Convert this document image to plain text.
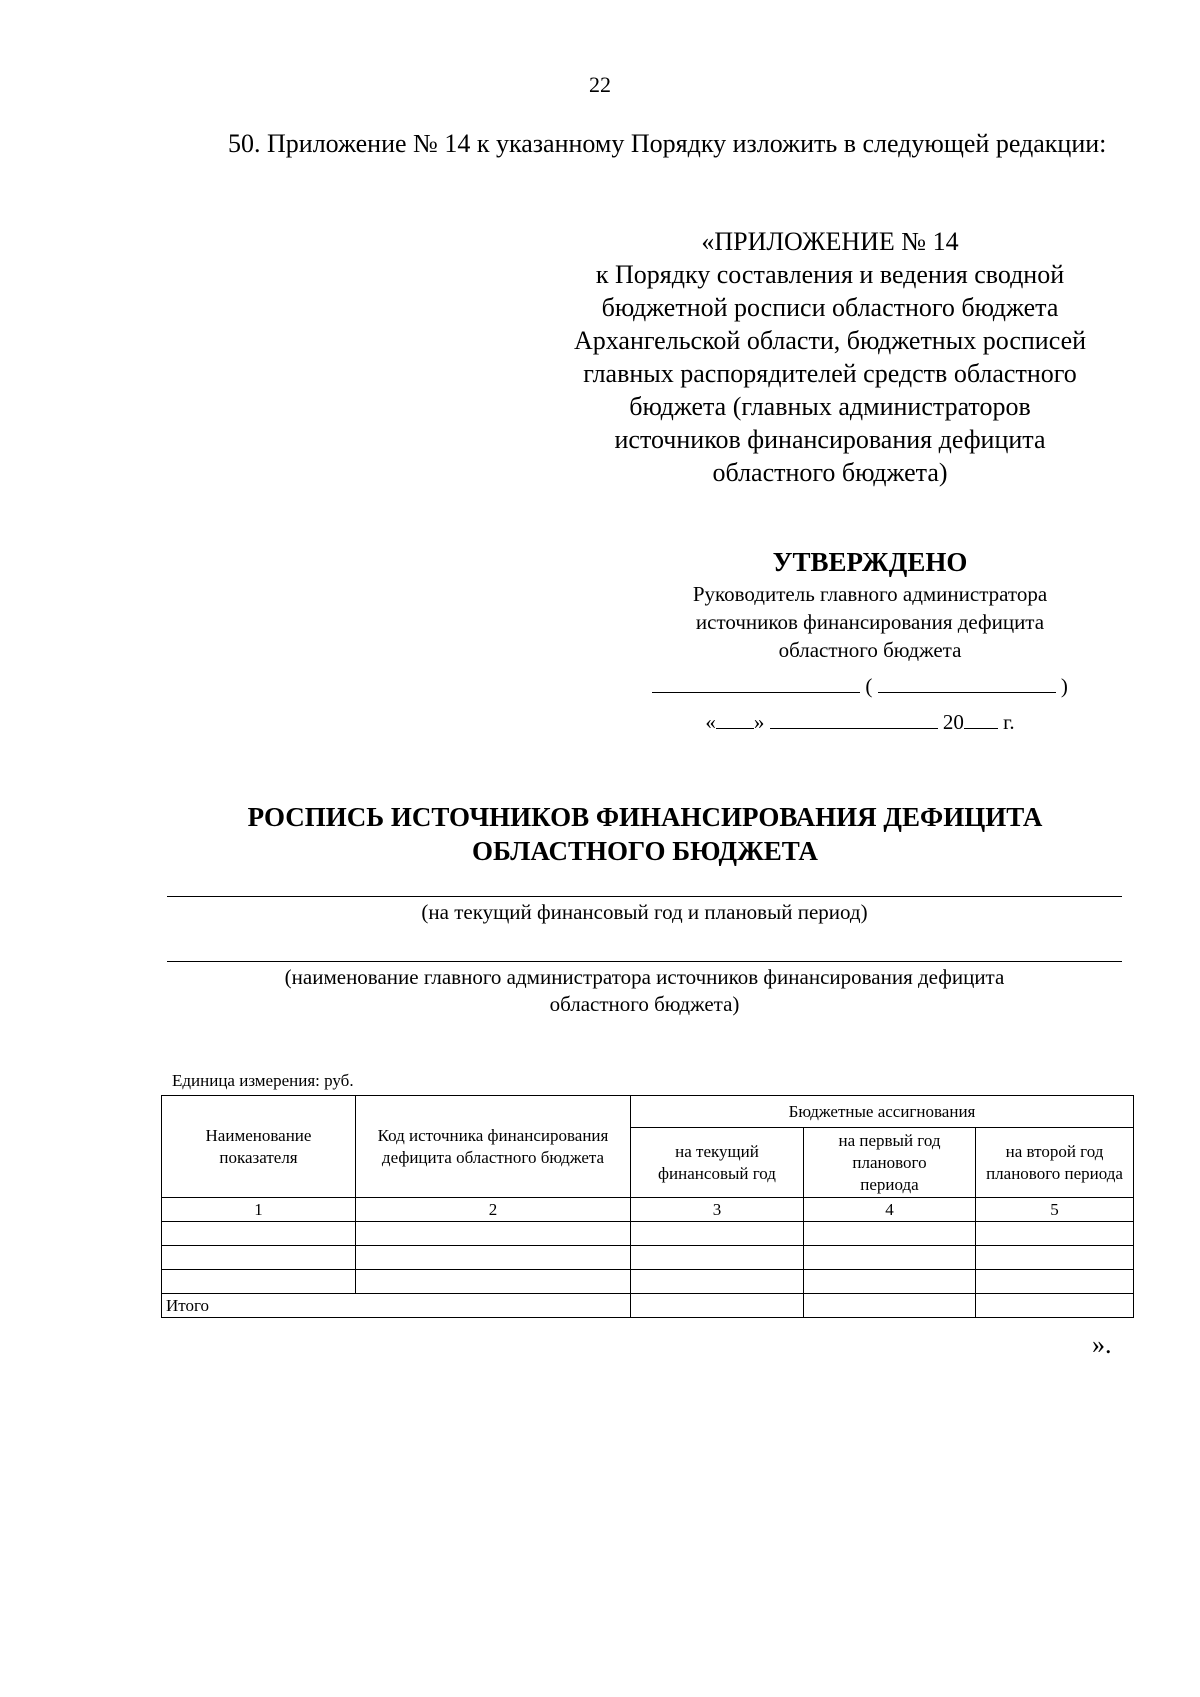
22
50. Приложение № 14 к указанному Порядку изложить в следующей редакции:
«ПРИЛОЖЕНИЕ № 14
к Порядку составления и ведения сводной
бюджетной росписи областного бюджета
Архангельской области, бюджетных росписей
главных распорядителей средств областного
бюджета (главных администраторов
источников финансирования дефицита
областного бюджета)
УТВЕРЖДЕНО
Руководитель главного администратора
источников финансирования дефицита
областного бюджета
(	)
« »	20 г.
РОСПИСЬ ИСТОЧНИКОВ ФИНАНСИРОВАНИЯ ДЕФИЦИТА
ОБЛАСТНОГО БЮДЖЕТА
(на текущий финансовый год и плановый период)
(наименование главного администратора источников финансирования дефицита
областного бюджета)
Единица измерения: руб.
Наименование показателя	Код источника финансирования дефицита областного бюджета	Бюджетные ассигнования		
		на текущий финансовый год	на первый год планового периода	на второй год планового периода
1	2	3	4	5

Итого				
».
